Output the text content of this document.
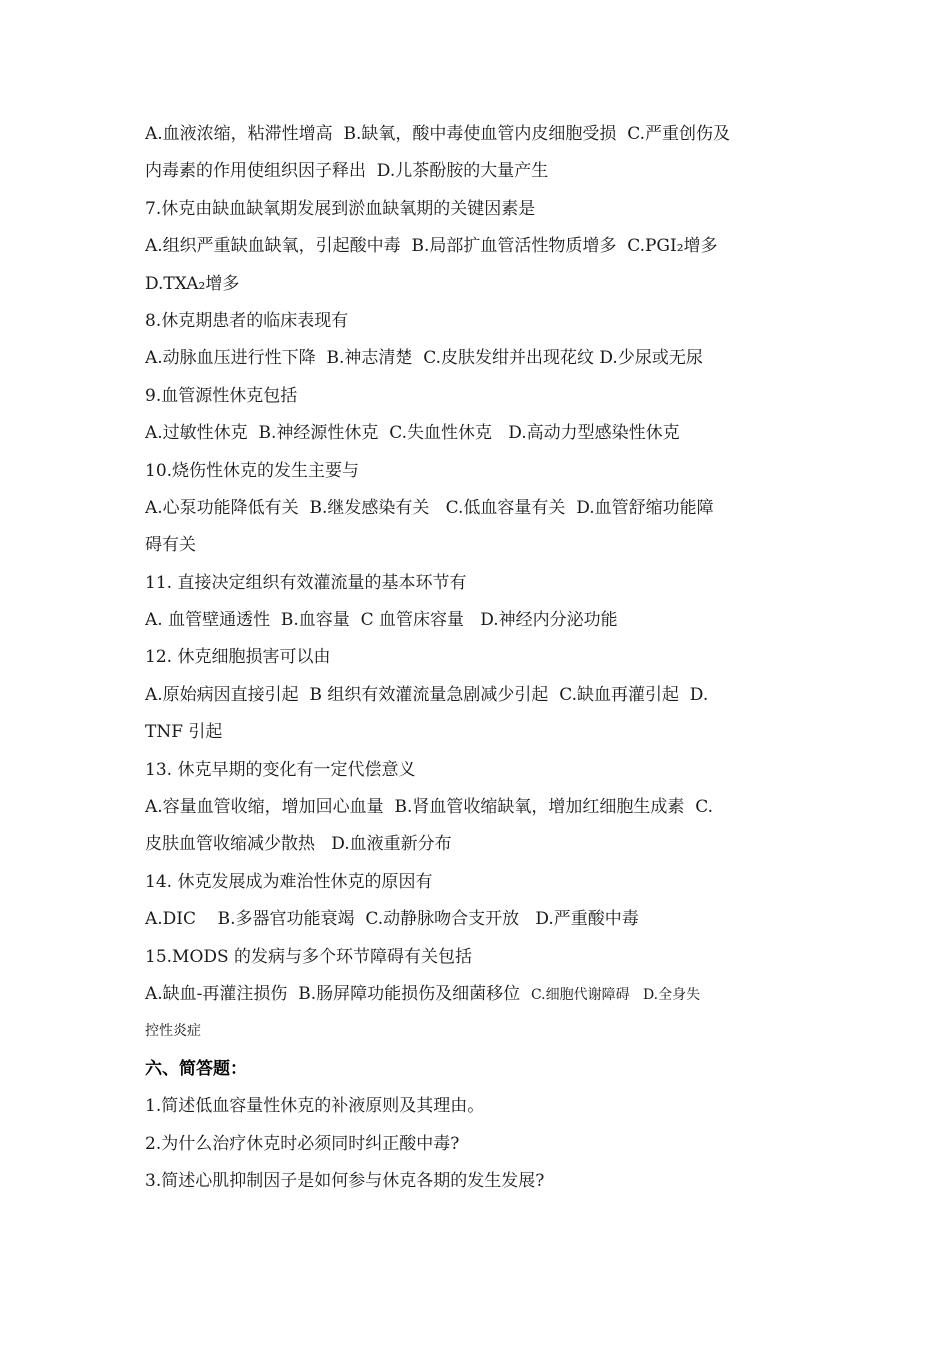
A.血液浓缩，粘滞性增高  B.缺氧，酸中毒使血管内皮细胞受损  C.严重创伤及
内毒素的作用使组织因子释出  D.儿茶酚胺的大量产生
7.休克由缺血缺氧期发展到淤血缺氧期的关键因素是
A.组织严重缺血缺氧，引起酸中毒  B.局部扩血管活性物质增多  C.PGI₂增多
D.TXA₂增多
8.休克期患者的临床表现有
A.动脉血压进行性下降  B.神志清楚  C.皮肤发绀并出现花纹 D.少尿或无尿
9.血管源性休克包括
A.过敏性休克  B.神经源性休克  C.失血性休克   D.高动力型感染性休克
10.烧伤性休克的发生主要与
A.心泵功能降低有关  B.继发感染有关   C.低血容量有关  D.血管舒缩功能障
碍有关
11. 直接决定组织有效灌流量的基本环节有
A. 血管壁通透性  B.血容量  C 血管床容量   D.神经内分泌功能
12. 休克细胞损害可以由
A.原始病因直接引起  B 组织有效灌流量急剧减少引起  C.缺血再灌引起  D.
TNF 引起
13. 休克早期的变化有一定代偿意义
A.容量血管收缩，增加回心血量  B.肾血管收缩缺氧，增加红细胞生成素  C.
皮肤血管收缩减少散热   D.血液重新分布
14. 休克发展成为难治性休克的原因有
A.DIC    B.多器官功能衰竭  C.动静脉吻合支开放   D.严重酸中毒
15.MODS 的发病与多个环节障碍有关包括
A.缺血-再灌注损伤  B.肠屏障功能损伤及细菌移位  C.细胞代谢障碍   D.全身失
控性炎症
六、简答题：
1.简述低血容量性休克的补液原则及其理由。
2.为什么治疗休克时必须同时纠正酸中毒?
3.简述心肌抑制因子是如何参与休克各期的发生发展?
